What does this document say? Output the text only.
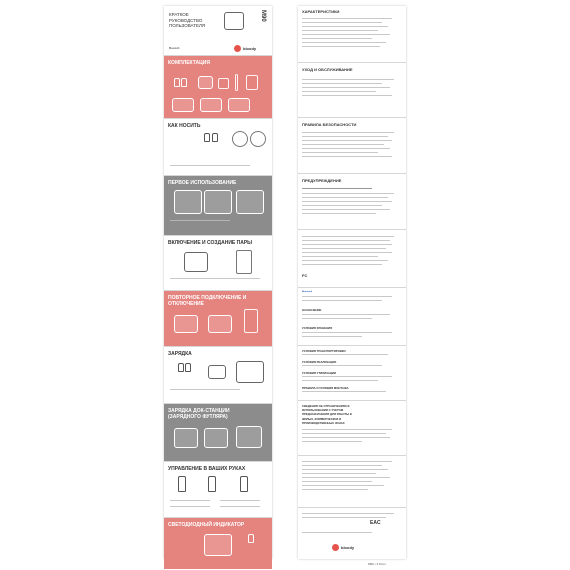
КРАТКОЕ
РУКОВОДСТВО
ПОЛЬЗОВАТЕЛЯ
M90
Bluetooth	bloody
КОМПЛЕКТАЦИЯ
КАК НОСИТЬ
ПЕРВОЕ ИСПОЛЬЗОВАНИЕ
ВКЛЮЧЕНИЕ И СОЗДАНИЕ ПАРЫ
ПОВТОРНОЕ ПОДКЛЮЧЕНИЕ И
ОТКЛЮЧЕНИЕ
ЗАРЯДКА
ЗАРЯДКА ДОК-СТАНЦИИ
(ЗАРЯДНОГО ФУТЛЯРА)
УПРАВЛЕНИЕ В ВАШИХ РУКАХ
СВЕТОДИОДНЫЙ ИНДИКАТОР
ХАРАКТЕРИСТИКИ
УХОД И ОБСЛУЖИВАНИЕ
ПРАВИЛА БЕЗОПАСНОСТИ
ПРЕДУПРЕЖДЕНИЕ
FC
Bluetooth
НАЗНАЧЕНИЕ
УСЛОВИЯ ХРАНЕНИЯ
УСЛОВИЯ ТРАНСПОРТИРОВКИ
УСЛОВИЯ РЕАЛИЗАЦИИ
УСЛОВИЯ УТИЛИЗАЦИИ
ПРАВИЛА И УСЛОВИЯ МОНТАЖА
СВЕДЕНИЯ ОБ ОГРАНИЧЕНИЯХ В
ИСПОЛЬЗОВАНИИ С УЧЕТОМ
ПРЕДНАЗНАЧЕНИЯ ДЛЯ РАБОТЫ В
ЖИЛЫХ, КОММЕРЧЕСКИХ И
ПРОИЗВОДСТВЕННЫХ ЗОНАХ
EAC
bloody
M90 • 3.5mm
